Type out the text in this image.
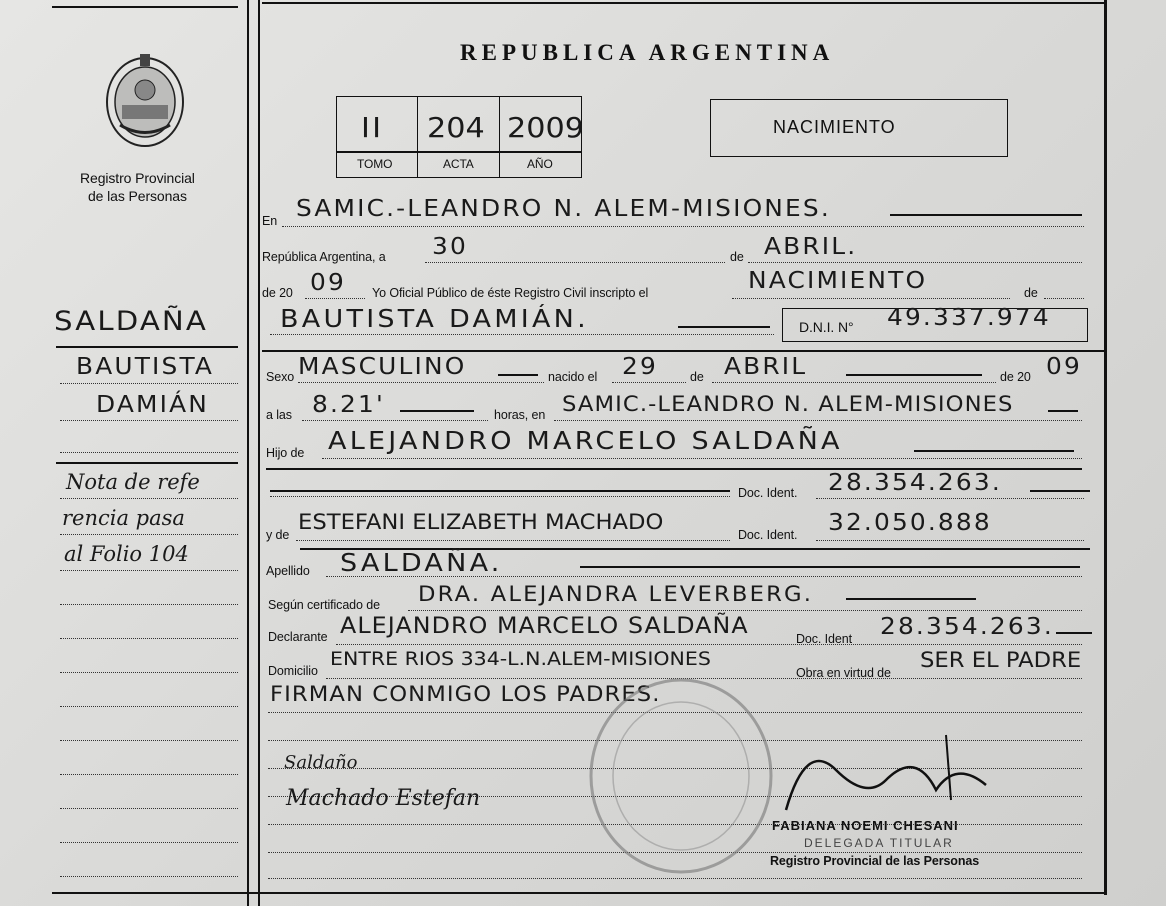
Registro Provincial
de las Personas
SALDAÑA
BAUTISTA
DAMIÁN
Nota de refe
rencia pasa
al Folio 104
REPUBLICA ARGENTINA
II 204 2009
TOMO	ACTA	AÑO
NACIMIENTO
En SAMIC.-LEANDRO N. ALEM-MISIONES.
República Argentina, a 30	de ABRIL.
de 20 09 Yo Oficial Público de éste Registro Civil inscripto el	NACIMIENTO	de
BAUTISTA DAMIÁN.	D.N.I. N° 49.337.974
Sexo MASCULINO	nacido el 29	de ABRIL	de 20 09
a las 8.21'	horas, en SAMIC.-LEANDRO N. ALEM-MISIONES
Hijo de ALEJANDRO MARCELO SALDAÑA
Doc. Ident. 28.354.263.
y de
ESTEFANI ELIZABETH MACHADO
Doc. Ident. 32.050.888
Apellido SALDAÑA.
Según certificado de DRA. ALEJANDRA LEVERBERG.
Declarante ALEJANDRO MARCELO SALDAÑA	Doc. Ident 28.354.263.
Domicilio
ENTRE RIOS 334-L.N.ALEM-MISIONES
Obra en virtud de
SER EL PADRE
FIRMAN CONMIGO LOS PADRES.
Saldaño
Machado Estefan
FABIANA NOEMI CHESANI
DELEGADA TITULAR
Registro Provincial de las Personas
